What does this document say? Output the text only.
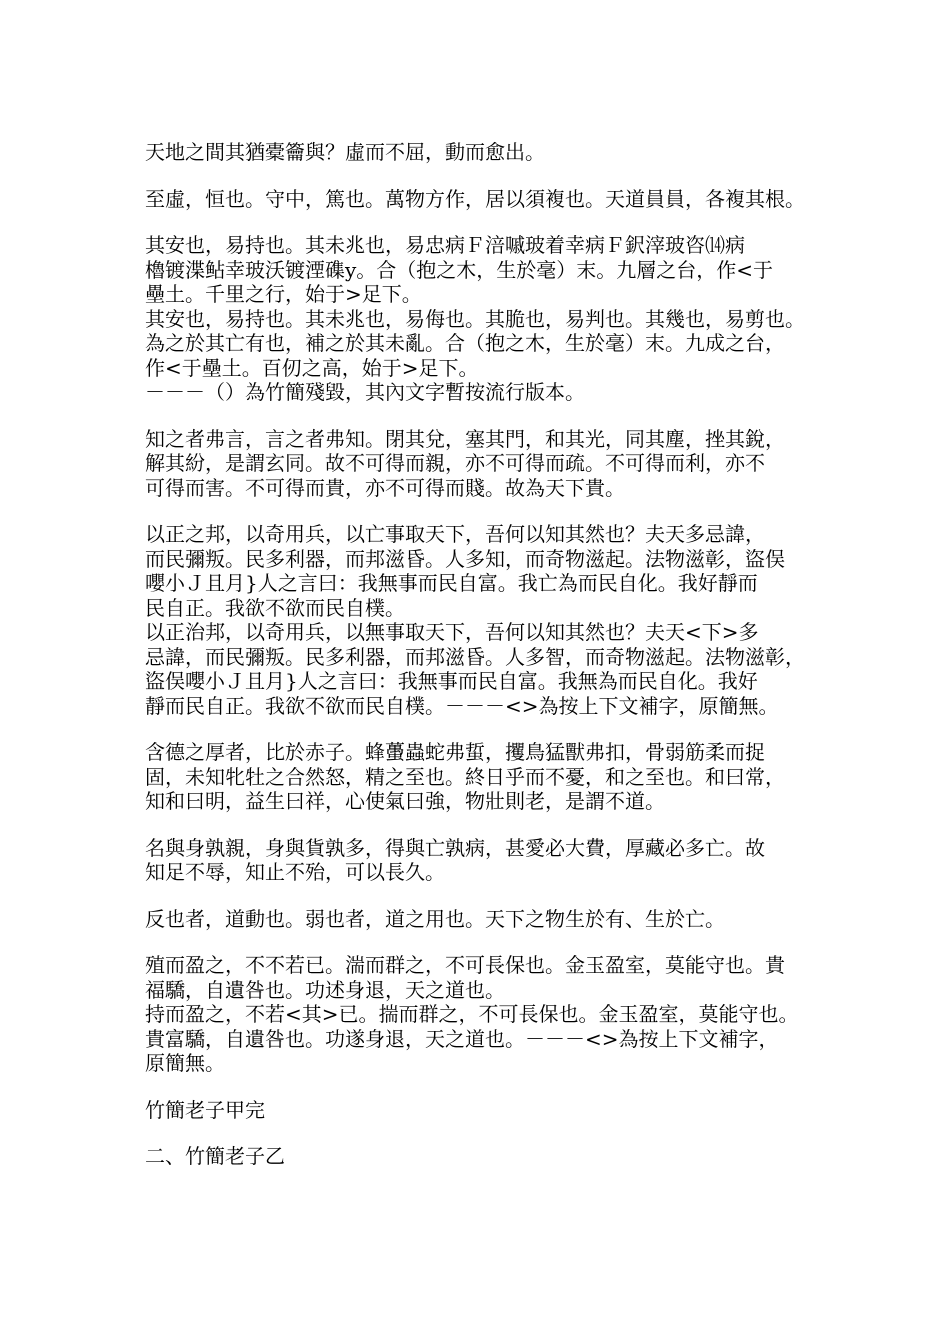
天地之間其猶橐籥與？虛而不屈，動而愈出。

至虛，恒也。守中，篤也。萬物方作，居以須複也。天道員員，各複其根。

其安也，易持也。其未兆也，易忠病Ｆ涪嘁玻着幸病Ｆ鈬滓玻咨⒁病
櫓镀渫鲇幸玻沃镀湮磼y。合（抱之木，生於毫）末。九層之台，作<于
壘土。千里之行，始于>足下。
其安也，易持也。其未兆也，易侮也。其脆也，易判也。其幾也，易剪也。
為之於其亡有也，補之於其未亂。合（抱之木，生於毫）末。九成之台，
作<于壘土。百仞之高，始于>足下。
－－－（）為竹簡殘毀，其內文字暫按流行版本。

知之者弗言，言之者弗知。閉其兌，塞其門，和其光，同其塵，挫其銳，
解其紛，是謂玄同。故不可得而親，亦不可得而疏。不可得而利，亦不
可得而害。不可得而貴，亦不可得而賤。故為天下貴。

以正之邦，以奇用兵，以亡事取天下，吾何以知其然也？夫天多忌諱，
而民彌叛。民多利器，而邦滋昏。人多知，而奇物滋起。法物滋彰，盜俣
嚶小Ｊ且月}人之言曰：我無事而民自富。我亡為而民自化。我好靜而
民自正。我欲不欲而民自樸。
以正治邦，以奇用兵，以無事取天下，吾何以知其然也？夫天<下>多
忌諱，而民彌叛。民多利器，而邦滋昏。人多智，而奇物滋起。法物滋彰，
盜俣嚶小Ｊ且月}人之言曰：我無事而民自富。我無為而民自化。我好
靜而民自正。我欲不欲而民自樸。－－－<>為按上下文補字，原簡無。

含德之厚者，比於赤子。蜂蠆蟲蛇弗蜇，攫鳥猛獸弗扣，骨弱筋柔而捉
固，未知牝牡之合然怒，精之至也。終日乎而不憂，和之至也。和曰常，
知和曰明，益生曰祥，心使氣曰強，物壯則老，是謂不道。

名與身孰親，身與貨孰多，得與亡孰病，甚愛必大費，厚藏必多亡。故
知足不辱，知止不殆，可以長久。

反也者，道動也。弱也者，道之用也。天下之物生於有、生於亡。

殖而盈之，不不若已。湍而群之，不可長保也。金玉盈室，莫能守也。貴
福驕，自遺咎也。功述身退，天之道也。
持而盈之，不若<其>已。揣而群之，不可長保也。金玉盈室，莫能守也。
貴富驕，自遺咎也。功遂身退，天之道也。－－－<>為按上下文補字，
原簡無。

竹簡老子甲完

二、竹簡老子乙
